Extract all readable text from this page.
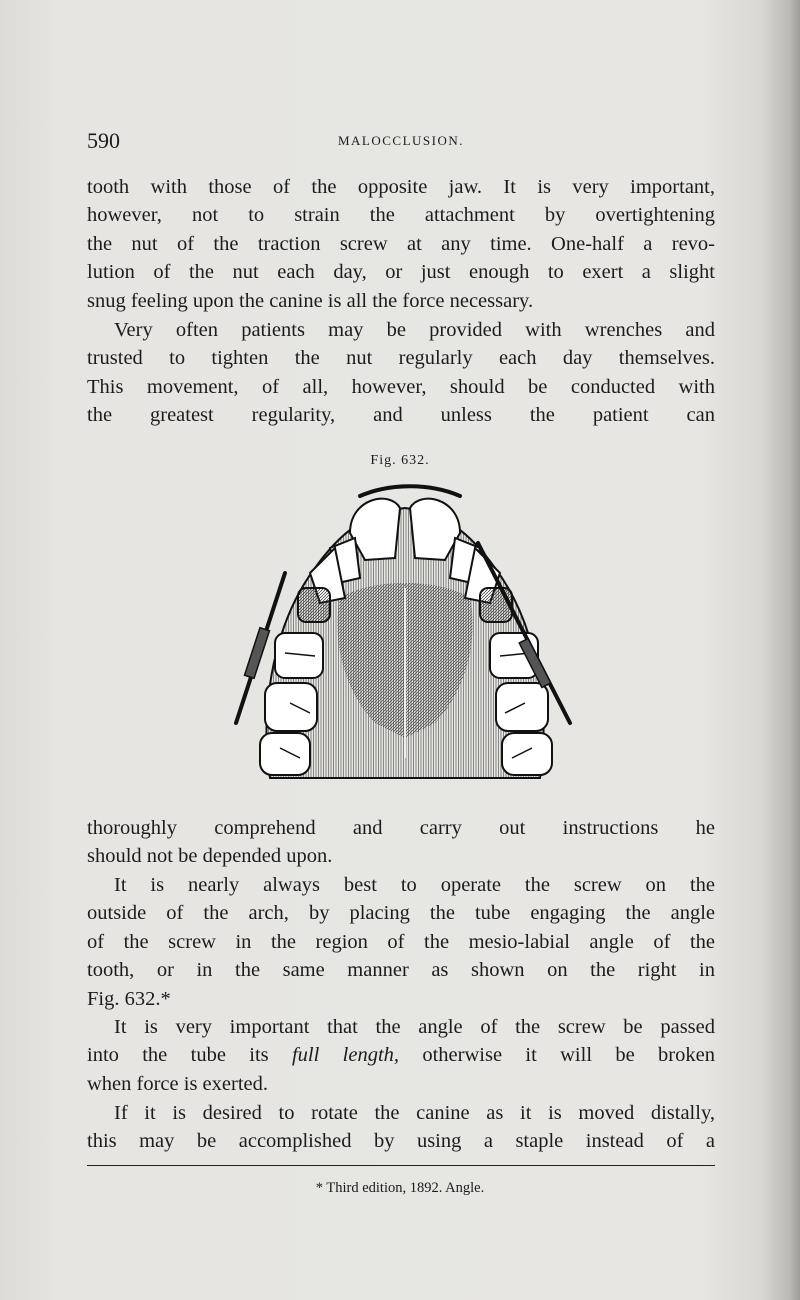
590	MALOCCLUSION.
tooth with those of the opposite jaw. It is very important,
however, not to strain the attachment by overtightening
the nut of the traction screw at any time. One-half a revo-
lution of the nut each day, or just enough to exert a slight
snug feeling upon the canine is all the force necessary.
Very often patients may be provided with wrenches and
trusted to tighten the nut regularly each day themselves.
This movement, of all, however, should be conducted with
the greatest regularity, and unless the patient can
Fig. 632.
thoroughly comprehend and carry out instructions he
should not be depended upon.
It is nearly always best to operate the screw on the
outside of the arch, by placing the tube engaging the angle
of the screw in the region of the mesio-labial angle of the
tooth, or in the same manner as shown on the right in
Fig. 632.*
It is very important that the angle of the screw be passed
into the tube its full length, otherwise it will be broken
when force is exerted.
If it is desired to rotate the canine as it is moved distally,
this may be accomplished by using a staple instead of a
* Third edition, 1892. Angle.
